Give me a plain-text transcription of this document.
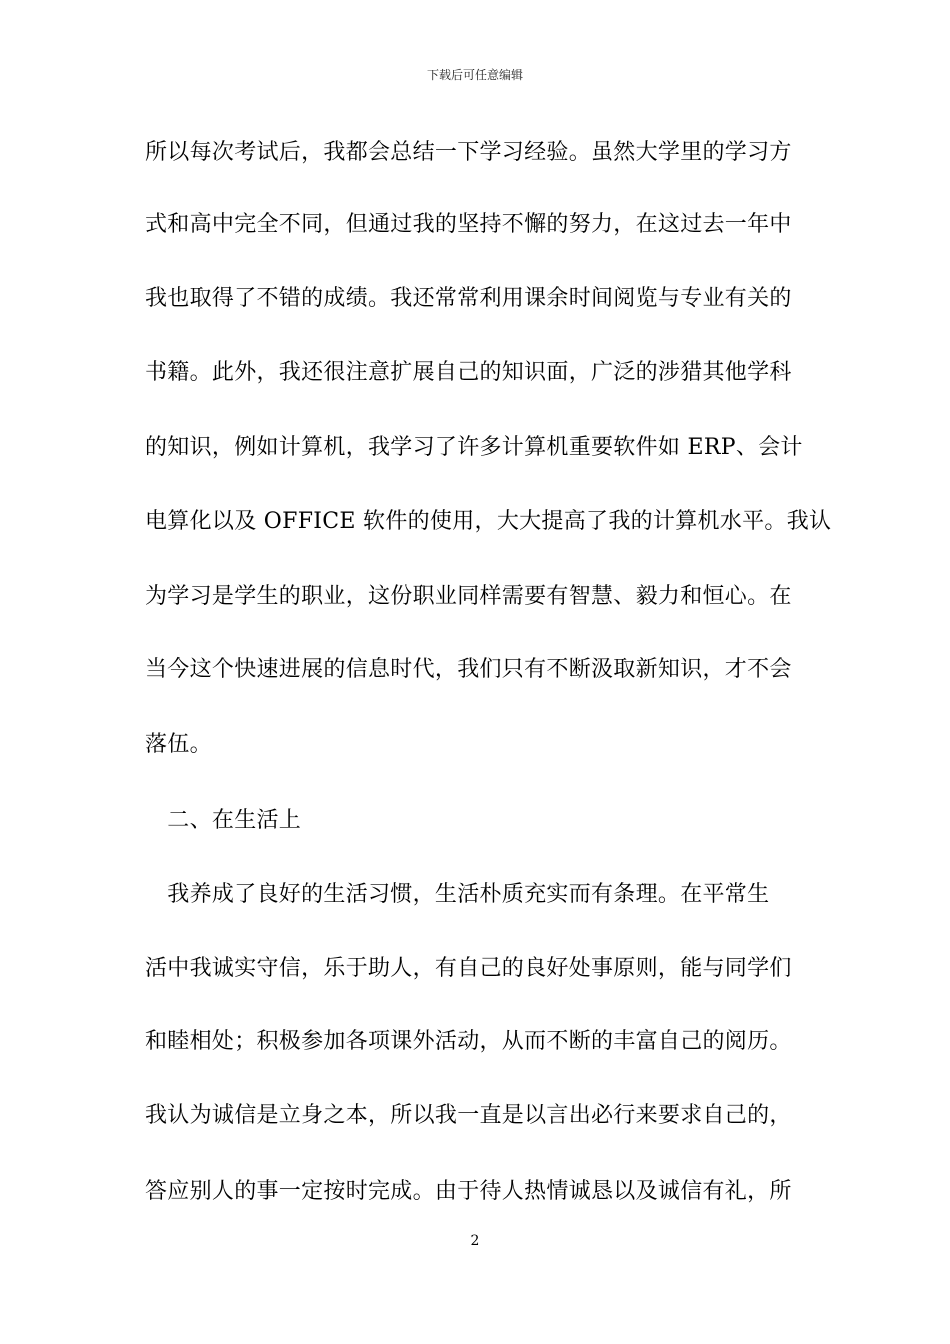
下载后可任意编辑
所以每次考试后，我都会总结一下学习经验。虽然大学里的学习方
式和高中完全不同，但通过我的坚持不懈的努力，在这过去一年中
我也取得了不错的成绩。我还常常利用课余时间阅览与专业有关的
书籍。此外，我还很注意扩展自己的知识面，广泛的涉猎其他学科
的知识，例如计算机，我学习了许多计算机重要软件如 ERP、会计
电算化以及 OFFICE 软件的使用，大大提高了我的计算机水平。我认
为学习是学生的职业，这份职业同样需要有智慧、毅力和恒心。在
当今这个快速进展的信息时代，我们只有不断汲取新知识，才不会
落伍。
　二、在生活上
　我养成了良好的生活习惯，生活朴质充实而有条理。在平常生
活中我诚实守信，乐于助人，有自己的良好处事原则，能与同学们
和睦相处；积极参加各项课外活动，从而不断的丰富自己的阅历。
我认为诚信是立身之本，所以我一直是以言出必行来要求自己的，
答应别人的事一定按时完成。由于待人热情诚恳以及诚信有礼，所
2
